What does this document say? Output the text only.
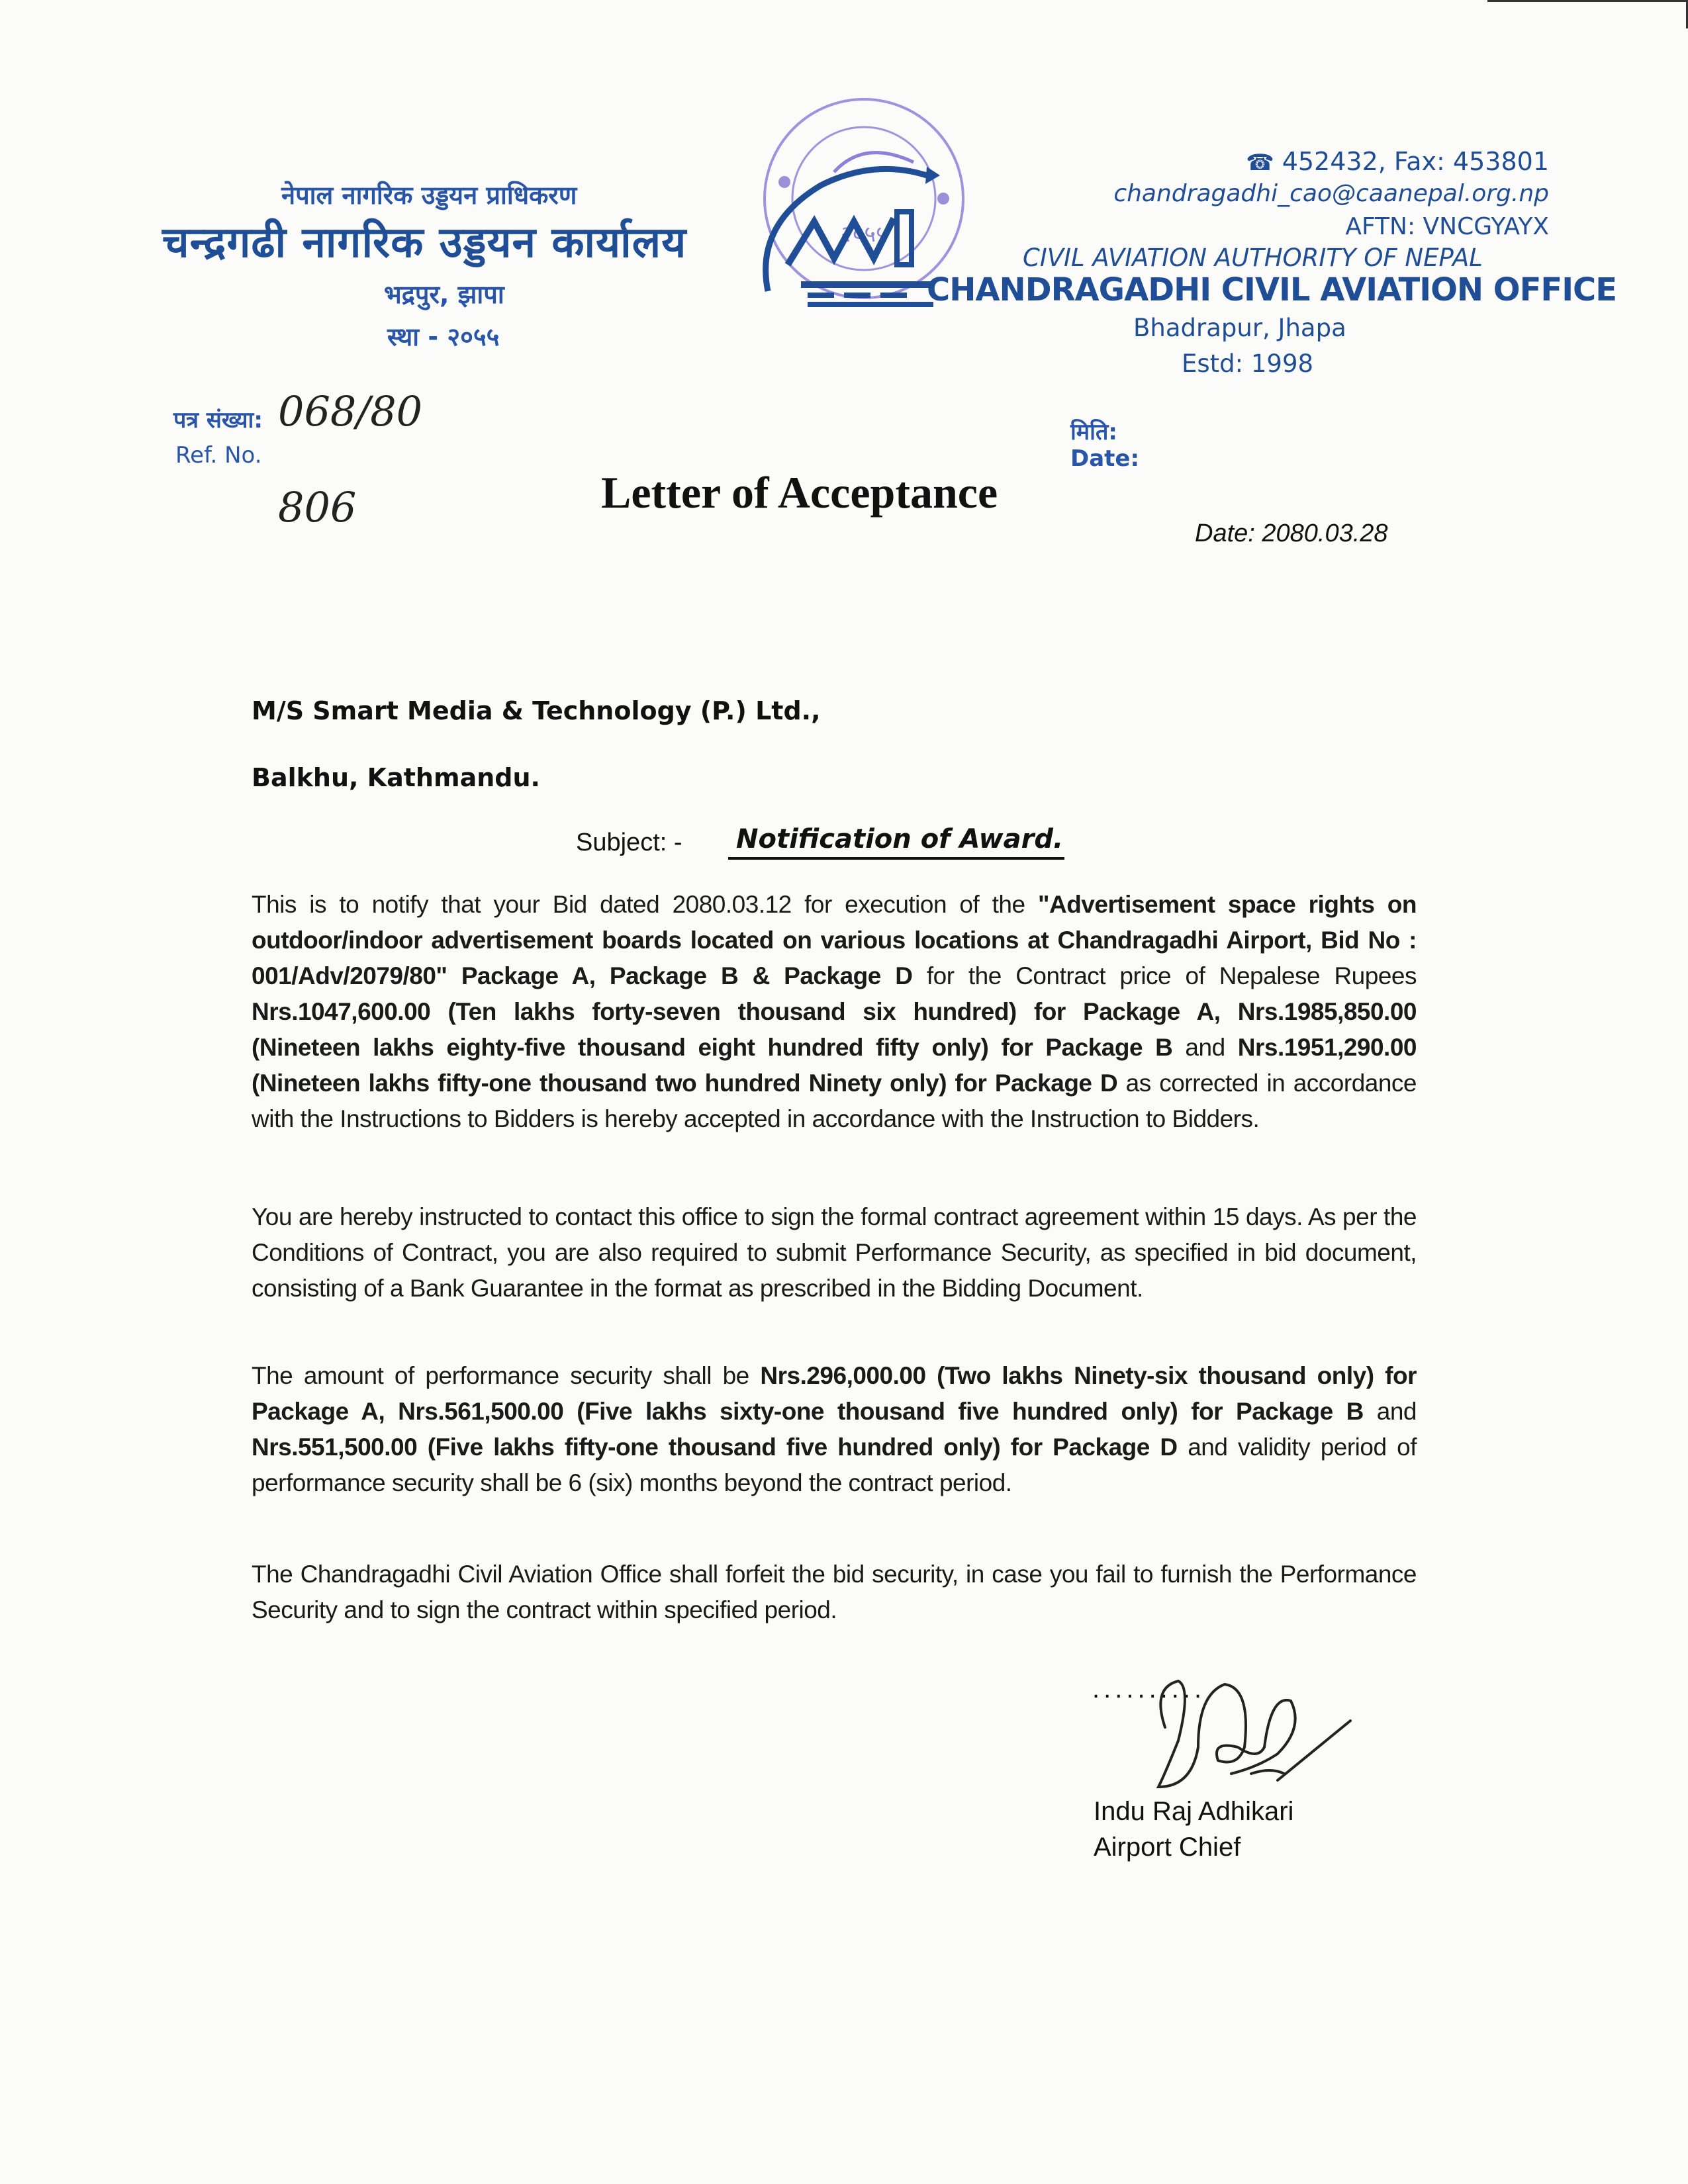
नेपाल नागरिक उड्डयन प्राधिकरण
चन्द्रगढी नागरिक उड्डयन कार्यालय
भद्रपुर, झापा
स्था - २०५५
२०५५
☎ 452432, Fax: 453801
chandragadhi_cao@caanepal.org.np
AFTN: VNCGYAYX
CIVIL AVIATION AUTHORITY OF NEPAL
CHANDRAGADHI CIVIL AVIATION OFFICE
Bhadrapur, Jhapa
Estd: 1998
पत्र संख्या:
Ref. No.
068/80
806
मिति:
Date:
Letter of Acceptance
Date: 2080.03.28
M/S Smart Media & Technology (P.) Ltd.,
Balkhu, Kathmandu.
Subject: -	Notification of Award.
This is to notify that your Bid dated 2080.03.12 for execution of the "Advertisement space rights on outdoor/indoor advertisement boards located on various locations at Chandragadhi Airport, Bid No : 001/Adv/2079/80" Package A, Package B & Package D for the Contract price of Nepalese Rupees Nrs.1047,600.00 (Ten lakhs forty-seven thousand six hundred) for Package A, Nrs.1985,850.00 (Nineteen lakhs eighty-five thousand eight hundred fifty only) for Package B and Nrs.1951,290.00 (Nineteen lakhs fifty-one thousand two hundred Ninety only) for Package D as corrected in accordance with the Instructions to Bidders is hereby accepted in accordance with the Instruction to Bidders.
You are hereby instructed to contact this office to sign the formal contract agreement within 15 days. As per the Conditions of Contract, you are also required to submit Performance Security, as specified in bid document, consisting of a Bank Guarantee in the format as prescribed in the Bidding Document.
The amount of performance security shall be Nrs.296,000.00 (Two lakhs Ninety-six thousand only) for Package A, Nrs.561,500.00 (Five lakhs sixty-one thousand five hundred only) for Package B and Nrs.551,500.00 (Five lakhs fifty-one thousand five hundred only) for Package D and validity period of performance security shall be 6 (six) months beyond the contract period.
The Chandragadhi Civil Aviation Office shall forfeit the bid security, in case you fail to furnish the Performance Security and to sign the contract within specified period.
..........
Indu Raj Adhikari
Airport Chief
